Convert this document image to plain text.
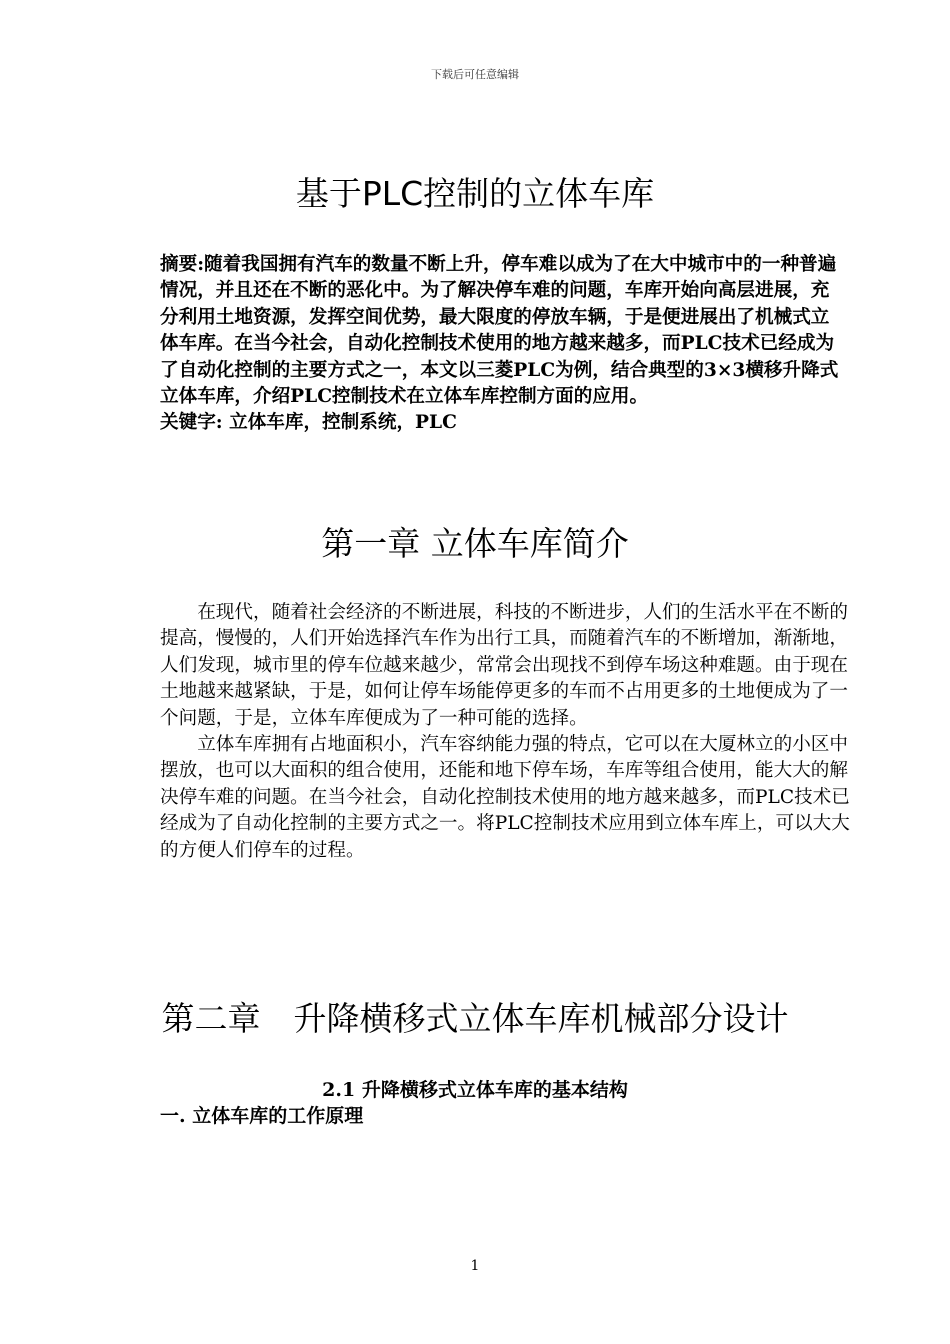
下载后可任意编辑
基于PLC控制的立体车库

摘要:随着我国拥有汽车的数量不断上升，停车难以成为了在大中城市中的一种普遍情况，并且还在不断的恶化中。为了解决停车难的问题，车库开始向高层进展，充分利用土地资源，发挥空间优势，最大限度的停放车辆，于是便进展出了机械式立体车库。在当今社会，自动化控制技术使用的地方越来越多，而PLC技术已经成为了自动化控制的主要方式之一，本文以三菱PLC为例，结合典型的3×3横移升降式立体车库，介绍PLC控制技术在立体车库控制方面的应用。

关键字: 立体车库，控制系统，PLC

第一章 立体车库简介

在现代，随着社会经济的不断进展，科技的不断进步，人们的生活水平在不断的提高，慢慢的，人们开始选择汽车作为出行工具，而随着汽车的不断增加，渐渐地，人们发现，城市里的停车位越来越少，常常会出现找不到停车场这种难题。由于现在土地越来越紧缺，于是，如何让停车场能停更多的车而不占用更多的土地便成为了一个问题，于是，立体车库便成为了一种可能的选择。

立体车库拥有占地面积小，汽车容纳能力强的特点，它可以在大厦林立的小区中摆放，也可以大面积的组合使用，还能和地下停车场，车库等组合使用，能大大的解决停车难的问题。在当今社会，自动化控制技术使用的地方越来越多，而PLC技术已经成为了自动化控制的主要方式之一。将PLC控制技术应用到立体车库上，可以大大的方便人们停车的过程。

第二章　升降横移式立体车库机械部分设计
2.1 升降横移式立体车库的基本结构
一. 立体车库的工作原理
1
